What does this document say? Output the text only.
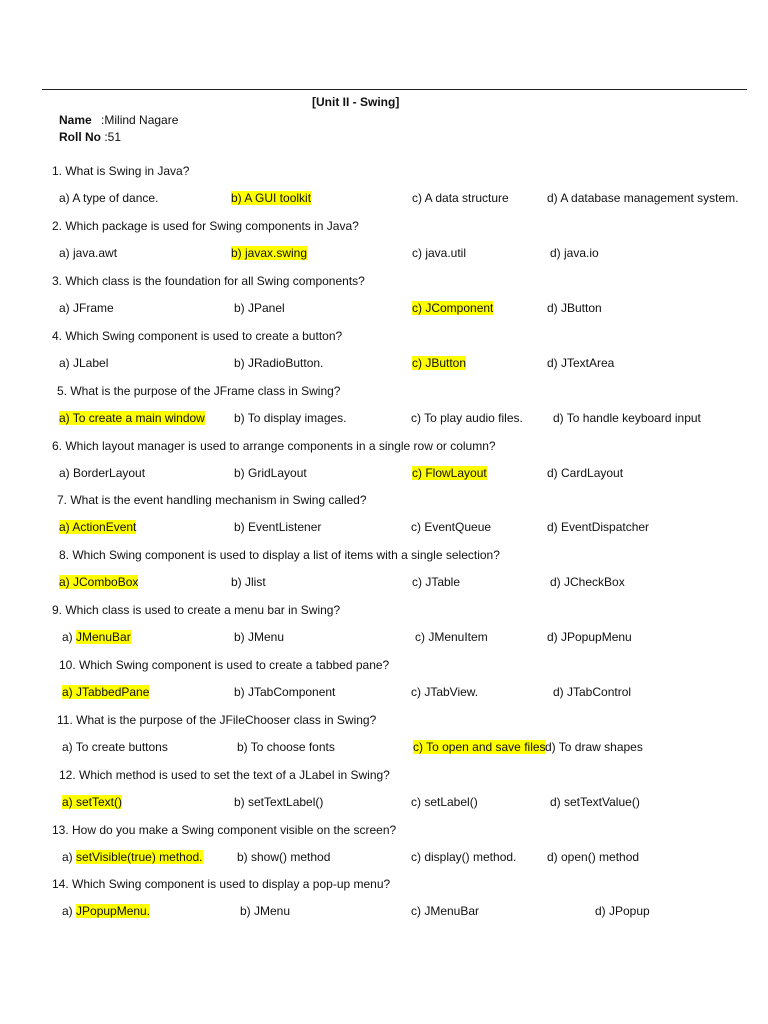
[Unit II - Swing]
Name :Milind Nagare
Roll No :51
1. What is Swing in Java?
a) A type of dance.	b) A GUI toolkit	c) A data structure	d) A database management system.
2. Which package is used for Swing components in Java?
a) java.awt	b) javax.swing	c) java.util	d) java.io
3. Which class is the foundation for all Swing components?
a) JFrame	b) JPanel	c) JComponent	d) JButton
4. Which Swing component is used to create a button?
a) JLabel	b) JRadioButton.	c) JButton	d) JTextArea
5. What is the purpose of the JFrame class in Swing?
a) To create a main window b) To display images.	c) To play audio files.	d) To handle keyboard input
6. Which layout manager is used to arrange components in a single row or column?
a) BorderLayout	b) GridLayout	c) FlowLayout	d) CardLayout
7. What is the event handling mechanism in Swing called?
a) ActionEvent	b) EventListener	c) EventQueue	d) EventDispatcher
8. Which Swing component is used to display a list of items with a single selection?
a) JComboBox	b) Jlist	c) JTable	d) JCheckBox
9. Which class is used to create a menu bar in Swing?
a) JMenuBar	b) JMenu	c) JMenuItem	d) JPopupMenu
10. Which Swing component is used to create a tabbed pane?
a) JTabbedPane	b) JTabComponent	c) JTabView.	d) JTabControl
11. What is the purpose of the JFileChooser class in Swing?
a) To create buttons	b) To choose fonts	c) To open and save files d) To draw shapes
12. Which method is used to set the text of a JLabel in Swing?
a) setText()	b) setTextLabel()	c) setLabel()	d) setTextValue()
13. How do you make a Swing component visible on the screen?
a) setVisible(true) method.	b) show() method	c) display() method.	d) open() method
14. Which Swing component is used to display a pop-up menu?
a) JPopupMenu.	b) JMenu	c) JMenuBar	d) JPopup
